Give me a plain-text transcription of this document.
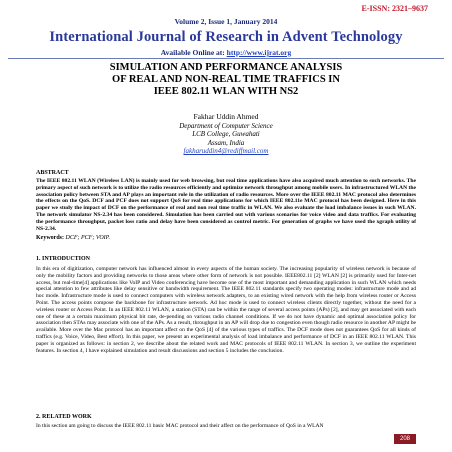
E-ISSN: 2321–9637
Volume 2, Issue 1, January 2014
International Journal of Research in Advent Technology
Available Online at: http://www.ijrat.org
SIMULATION AND PERFORMANCE ANALYSIS
OF REAL AND NON-REAL TIME TRAFFICS IN
IEEE 802.11 WLAN WITH NS2
Fakhar Uddin Ahmed
Department of Computer Science
LCB College, Guwahati
Assam, India
fakharuddin4@rediffmail.com
ABSTRACT
The IEEE 802.11 WLAN (Wireless LAN) is mainly used for web browsing, but real time applications have also acquired much attention to such networks. The primary aspect of such network is to utilize the radio resources efficiently and optimize network throughput among mobile users. In infrastructured WLAN the association policy between STA and AP plays an important role in the utilization of radio resources. More over the IEEE 802.11 MAC protocol also determines the effects on the QoS. DCF and PCF does not support QoS for real time applications for which IEEE 802.11e MAC protocol has been designed. Here in this paper we study the impact of DCF on the performance of real and non real time traffic in WLAN. We also evaluate the load imbalance issues in such WLAN. The network simulator NS-2.34 has been considered. Simulation has been carried out with various scenarios for voice video and data traffics. For evaluating the performance throughput, packet loss ratio and delay have been considered as control metric. For generation of graphs we have used the xgraph utility of NS-2.34.
Keywords: DCF; PCF; VOIP.
1. INTRODUCTION
In this era of digitization, computer network has influenced almost in every aspects of the human society. The increasing popularity of wireless network is because of only the mobility factors and providing networks to those areas where other form of network is not possible. IEEE802.11 [2] WLAN [2] is primarily used for Inter-net access, but real-time[4] applications like VoIP and Video conferencing have become one of the most important and demanding application in such WLAN which needs special attention to few attributes like delay sensitive or bandwidth requirement. The IEEE 802.11 standards specify two operating modes: infrastructure mode and ad hoc mode. Infrastructure mode is used to connect computers with wireless network adapters, to an existing wired network with the help from wireless router or Access Point. The access points compose the backbone for infrastructure network. Ad hoc mode is used to connect wireless clients directly together, without the need for a wireless router or Access Point. In an IEEE 802.11 WLAN, a station (STA) can be within the range of several access points (APs) [2], and may get associated with each one of these at a certain maximum physical bit rate, de-pending on various radio channel conditions. If we do not have dynamic and optimal association policy for association then STAs may associate with one of the APs. As a result, throughput in an AP will drop due to congestion even though radio resource in another AP might be available. More over the Mac protocol has an important affect on the QoS [4] of the various types of traffics. The DCF mode does not guarantees QoS for all kinds of traffics (e.g. Voice, Video, Best effort). In this paper, we present an experimental analysis of load imbalance and performance of DCF in an IEEE 802.11 WLAN. This paper is organized as follows: in section 2, we describe about the related work and MAC protocols of IEEE 802.11 WLAN. In section 3, we outline the experiment features. In section 4, I have explained simulation and result discussions and section 5 includes the conclusion.
2. RELATED WORK
In this section am going to discuss the IEEE 802.11 basic MAC protocol and their affect on the performance of QoS in a WLAN
208
